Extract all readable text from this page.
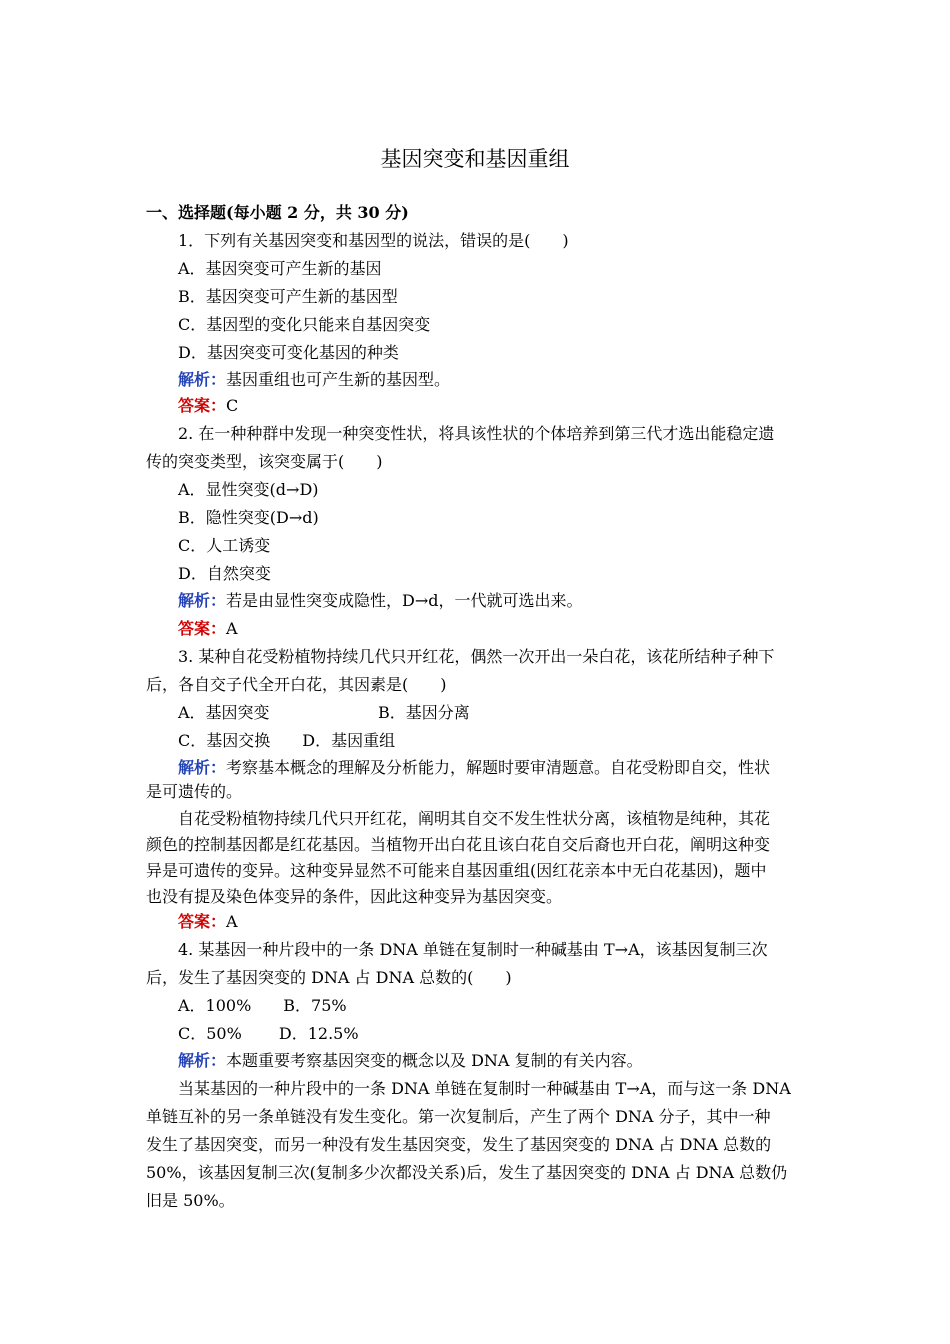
基因突变和基因重组
一、选择题(每小题 2 分，共 30 分)
1．下列有关基因突变和基因型的说法，错误的是(　　)
A．基因突变可产生新的基因
B．基因突变可产生新的基因型
C．基因型的变化只能来自基因突变
D．基因突变可变化基因的种类
解析：基因重组也可产生新的基因型。
答案：C
2. 在一种种群中发现一种突变性状，将具该性状的个体培养到第三代才选出能稳定遗
传的突变类型，该突变属于(　　)
A．显性突变(d→D)
B．隐性突变(D→d)
C．人工诱变
D．自然突变
解析：若是由显性突变成隐性，D→d，一代就可选出来。
答案：A
3. 某种自花受粉植物持续几代只开红花，偶然一次开出一朵白花，该花所结种子种下
后，各自交子代全开白花，其因素是(　　)
A．基因突变	B．基因分离
C．基因交换　　D．基因重组
解析：考察基本概念的理解及分析能力，解题时要审清题意。自花受粉即自交，性状
是可遗传的。
自花受粉植物持续几代只开红花，阐明其自交不发生性状分离，该植物是纯种，其花
颜色的控制基因都是红花基因。当植物开出白花且该白花自交后裔也开白花，阐明这种变
异是可遗传的变异。这种变异显然不可能来自基因重组(因红花亲本中无白花基因)，题中
也没有提及染色体变异的条件，因此这种变异为基因突变。
答案：A
4. 某基因一种片段中的一条 DNA 单链在复制时一种碱基由 T→A，该基因复制三次
后，发生了基因突变的 DNA 占 DNA 总数的(　　)
A．100%　　B．75%
C．50%　　 D．12.5%
解析：本题重要考察基因突变的概念以及 DNA 复制的有关内容。
当某基因的一种片段中的一条 DNA 单链在复制时一种碱基由 T→A，而与这一条 DNA
单链互补的另一条单链没有发生变化。第一次复制后，产生了两个 DNA 分子，其中一种
发生了基因突变，而另一种没有发生基因突变，发生了基因突变的 DNA 占 DNA 总数的
50%，该基因复制三次(复制多少次都没关系)后，发生了基因突变的 DNA 占 DNA 总数仍
旧是 50%。
